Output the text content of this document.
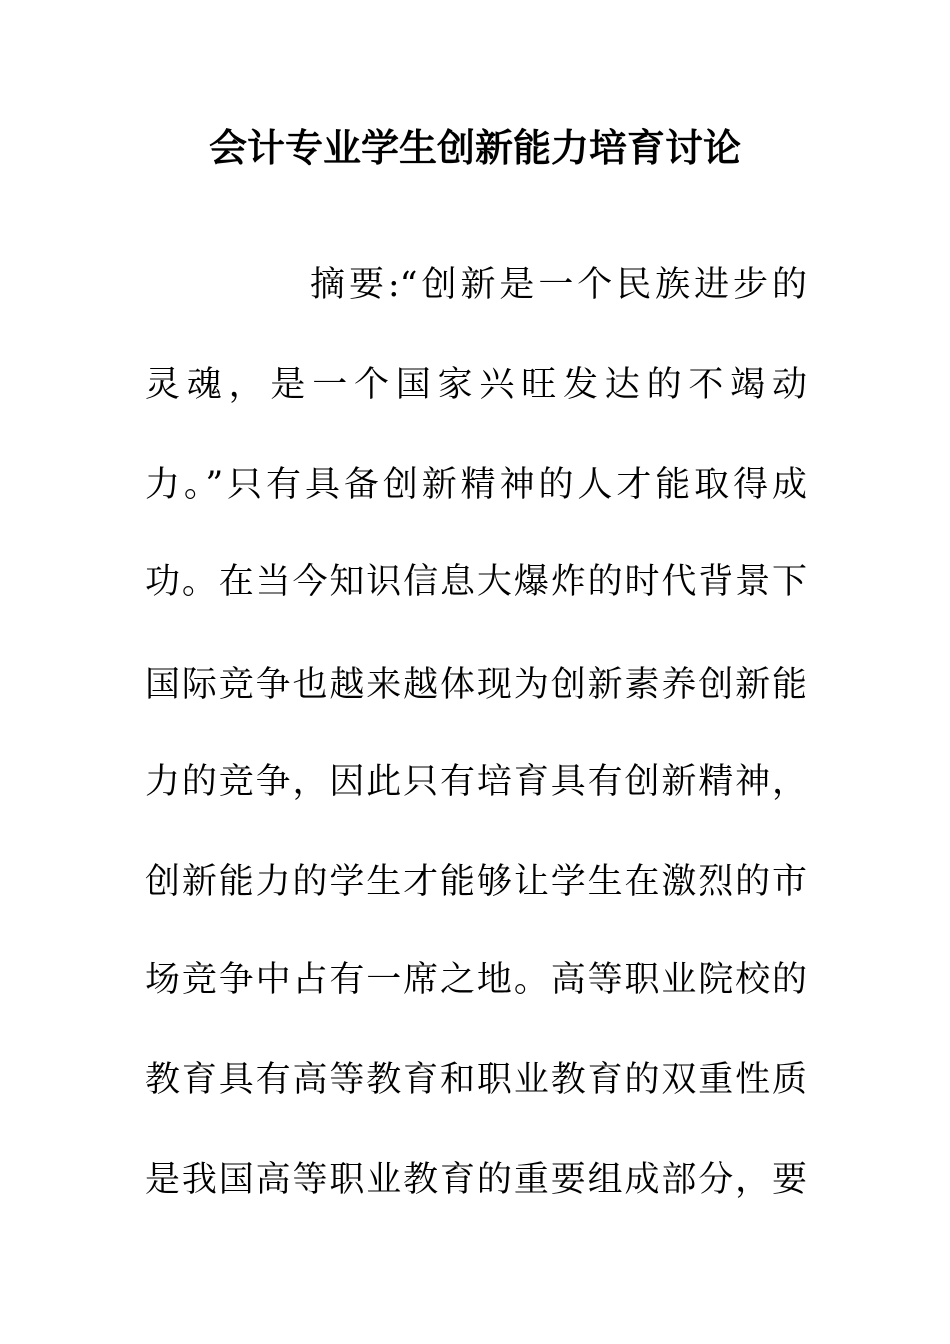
会计专业学生创新能力培育讨论
摘要:“创新是一个民族进步的
灵魂，是一个国家兴旺发达的不竭动
力。”只有具备创新精神的人才能取得成
功。在当今知识信息大爆炸的时代背景下
国际竞争也越来越体现为创新素养创新能
力的竞争，因此只有培育具有创新精神，
创新能力的学生才能够让学生在激烈的市
场竞争中占有一席之地。高等职业院校的
教育具有高等教育和职业教育的双重性质
是我国高等职业教育的重要组成部分，要
